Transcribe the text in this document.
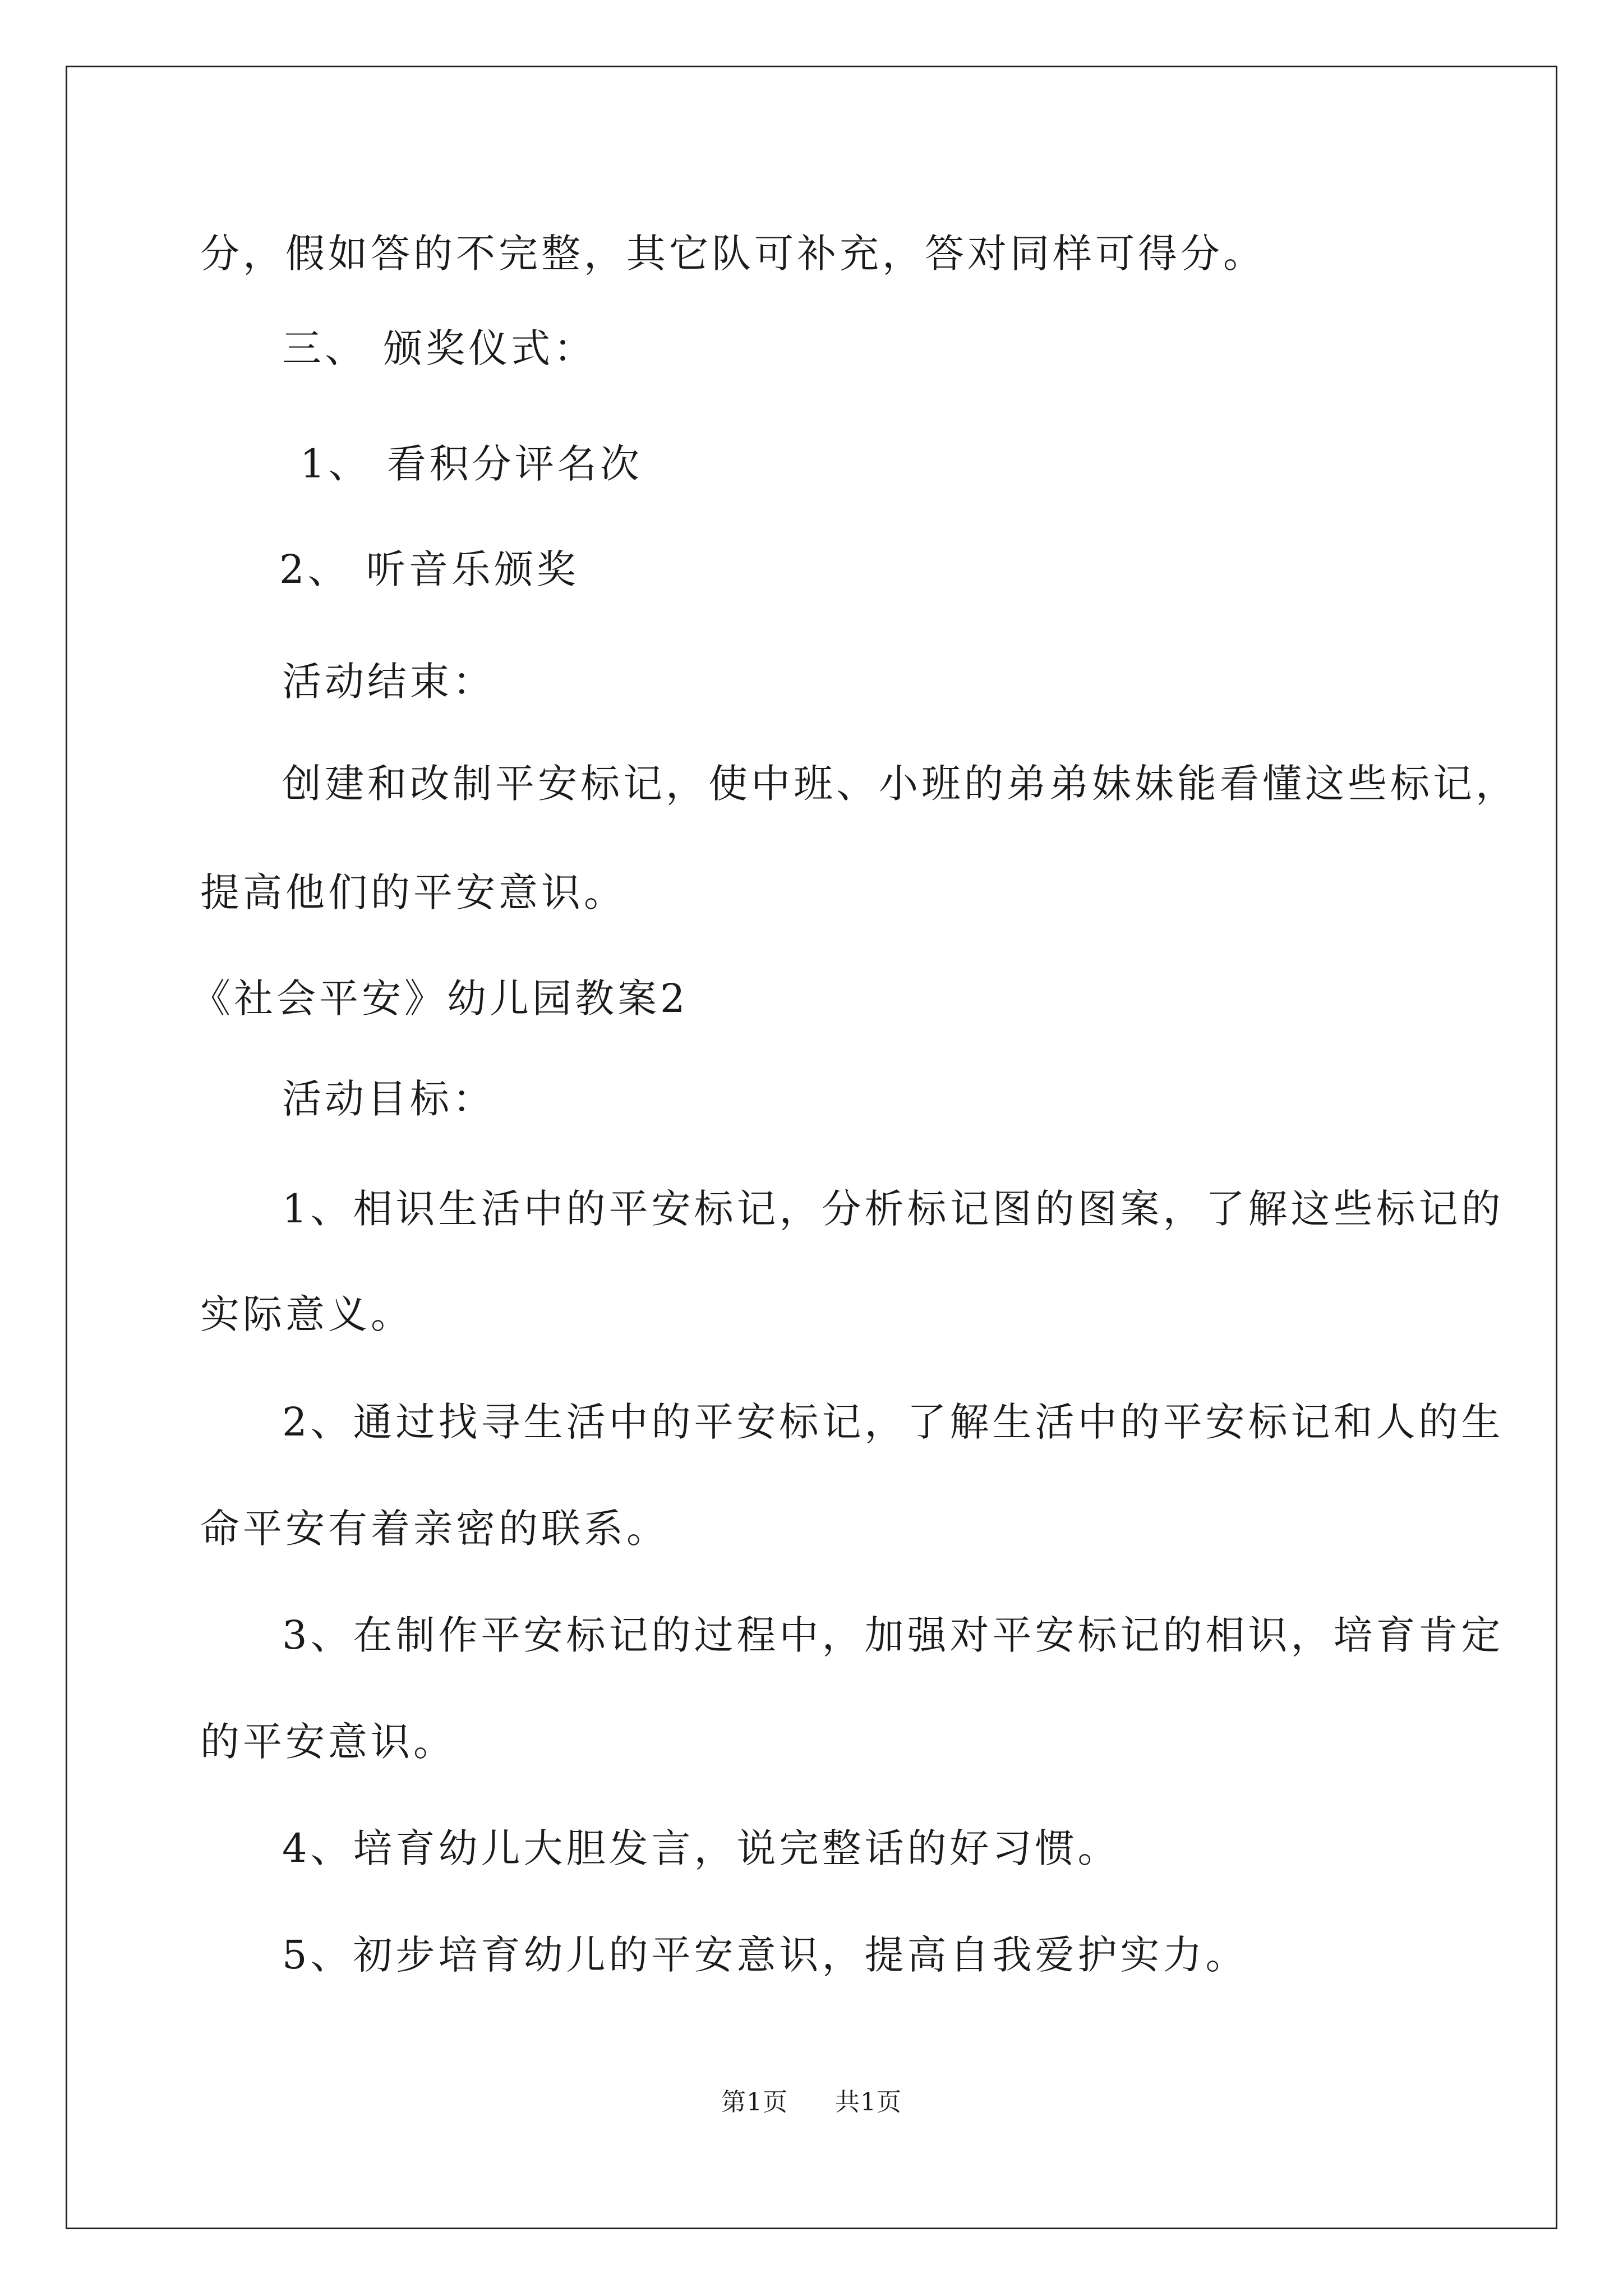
分，假如答的不完整，其它队可补充，答对同样可得分。
三、 颁奖仪式：
1、 看积分评名次
2、 听音乐颁奖
活动结束：
创建和改制平安标记，使中班、小班的弟弟妹妹能看懂这些标记，
提高他们的平安意识。
《社会平安》幼儿园教案2
活动目标：
1、相识生活中的平安标记，分析标记图的图案，了解这些标记的
实际意义。
2、通过找寻生活中的平安标记，了解生活中的平安标记和人的生
命平安有着亲密的联系。
3、在制作平安标记的过程中，加强对平安标记的相识，培育肯定
的平安意识。
4、培育幼儿大胆发言，说完整话的好习惯。
5、初步培育幼儿的平安意识，提高自我爱护实力。
第1页 共1页
